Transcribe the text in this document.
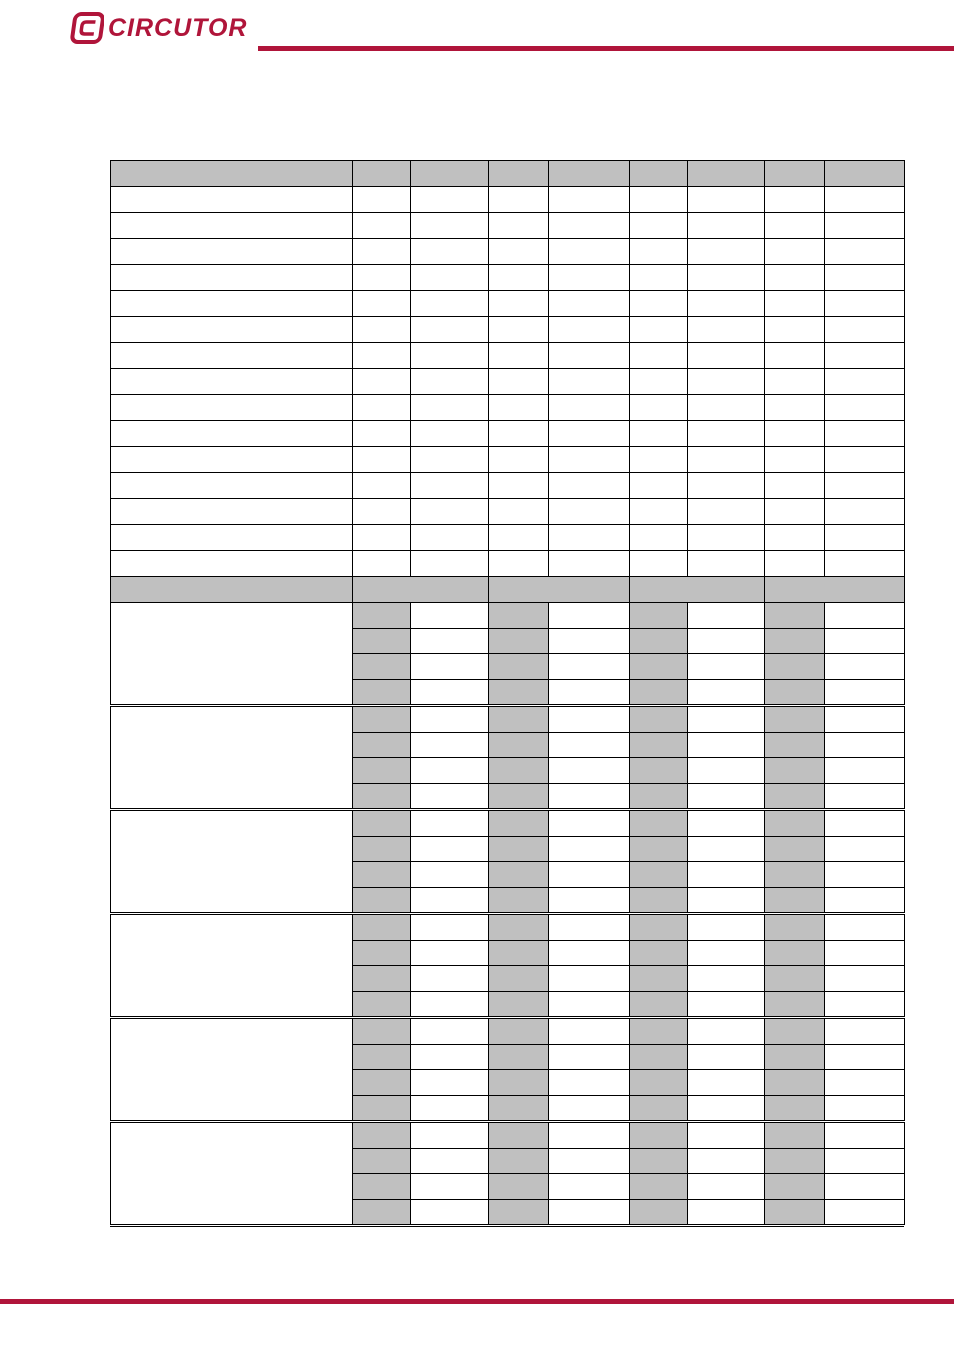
CIRCUTOR
